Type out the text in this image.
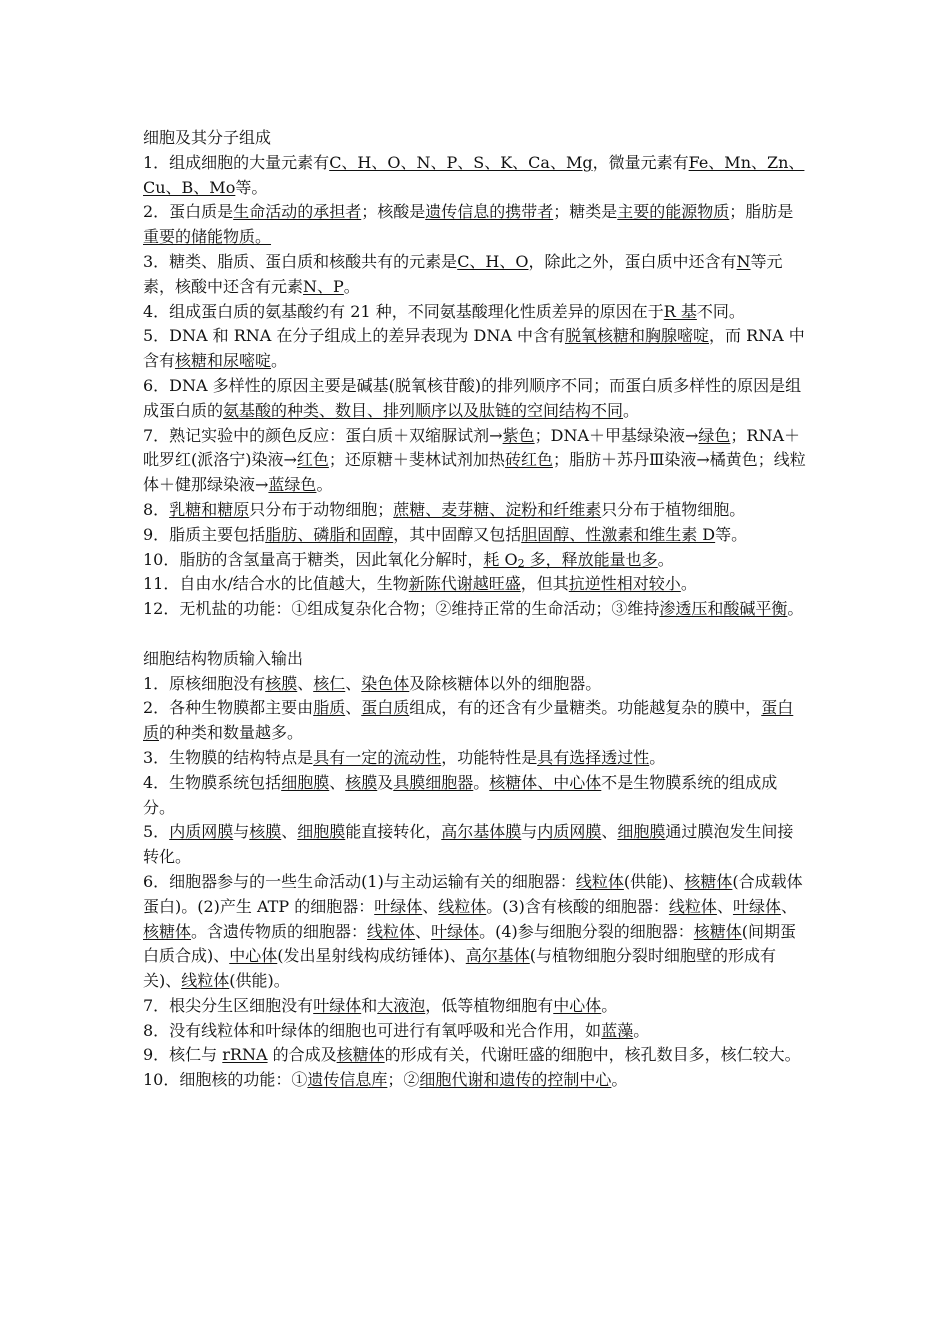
细胞及其分子组成

1．组成细胞的大量元素有C、H、O、N、P、S、K、Ca、Mg，微量元素有Fe、Mn、Zn、Cu、B、Mo等。

2．蛋白质是生命活动的承担者；核酸是遗传信息的携带者；糖类是主要的能源物质；脂肪是重要的储能物质。

3．糖类、脂质、蛋白质和核酸共有的元素是C、H、O，除此之外，蛋白质中还含有N等元素，核酸中还含有元素N、P。

4．组成蛋白质的氨基酸约有 21 种，不同氨基酸理化性质差异的原因在于R 基不同。

5．DNA 和 RNA 在分子组成上的差异表现为 DNA 中含有脱氧核糖和胸腺嘧啶，而 RNA 中含有核糖和尿嘧啶。

6．DNA 多样性的原因主要是碱基(脱氧核苷酸)的排列顺序不同；而蛋白质多样性的原因是组成蛋白质的氨基酸的种类、数目、排列顺序以及肽链的空间结构不同。

7．熟记实验中的颜色反应：蛋白质＋双缩脲试剂→紫色；DNA＋甲基绿染液→绿色；RNA＋吡罗红(派洛宁)染液→红色；还原糖＋斐林试剂加热砖红色；脂肪＋苏丹Ⅲ染液→橘黄色；线粒体＋健那绿染液→蓝绿色。

8．乳糖和糖原只分布于动物细胞；蔗糖、麦芽糖、淀粉和纤维素只分布于植物细胞。

9．脂质主要包括脂肪、磷脂和固醇，其中固醇又包括胆固醇、性激素和维生素 D等。

10．脂肪的含氢量高于糖类，因此氧化分解时，耗 $O_2$ 多，释放能量也多。

11．自由水/结合水的比值越大，生物新陈代谢越旺盛，但其抗逆性相对较小。

12．无机盐的功能：①组成复杂化合物；②维持正常的生命活动；③维持渗透压和酸碱平衡。

细胞结构物质输入输出

1．原核细胞没有核膜、核仁、染色体及除核糖体以外的细胞器。

2．各种生物膜都主要由脂质、蛋白质组成，有的还含有少量糖类。功能越复杂的膜中，蛋白质的种类和数量越多。

3．生物膜的结构特点是具有一定的流动性，功能特性是具有选择透过性。

4．生物膜系统包括细胞膜、核膜及具膜细胞器。核糖体、中心体不是生物膜系统的组成成分。

5．内质网膜与核膜、细胞膜能直接转化，高尔基体膜与内质网膜、细胞膜通过膜泡发生间接转化。

6．细胞器参与的一些生命活动(1)与主动运输有关的细胞器：线粒体(供能)、核糖体(合成载体蛋白)。(2)产生 ATP 的细胞器：叶绿体、线粒体。(3)含有核酸的细胞器：线粒体、叶绿体、核糖体。含遗传物质的细胞器：线粒体、叶绿体。(4)参与细胞分裂的细胞器：核糖体(间期蛋白质合成)、中心体(发出星射线构成纺锤体)、高尔基体(与植物细胞分裂时细胞壁的形成有关)、线粒体(供能)。

7．根尖分生区细胞没有叶绿体和大液泡，低等植物细胞有中心体。

8．没有线粒体和叶绿体的细胞也可进行有氧呼吸和光合作用，如蓝藻。

9．核仁与 rRNA 的合成及核糖体的形成有关，代谢旺盛的细胞中，核孔数目多，核仁较大。

10．细胞核的功能：①遗传信息库；②细胞代谢和遗传的控制中心。
